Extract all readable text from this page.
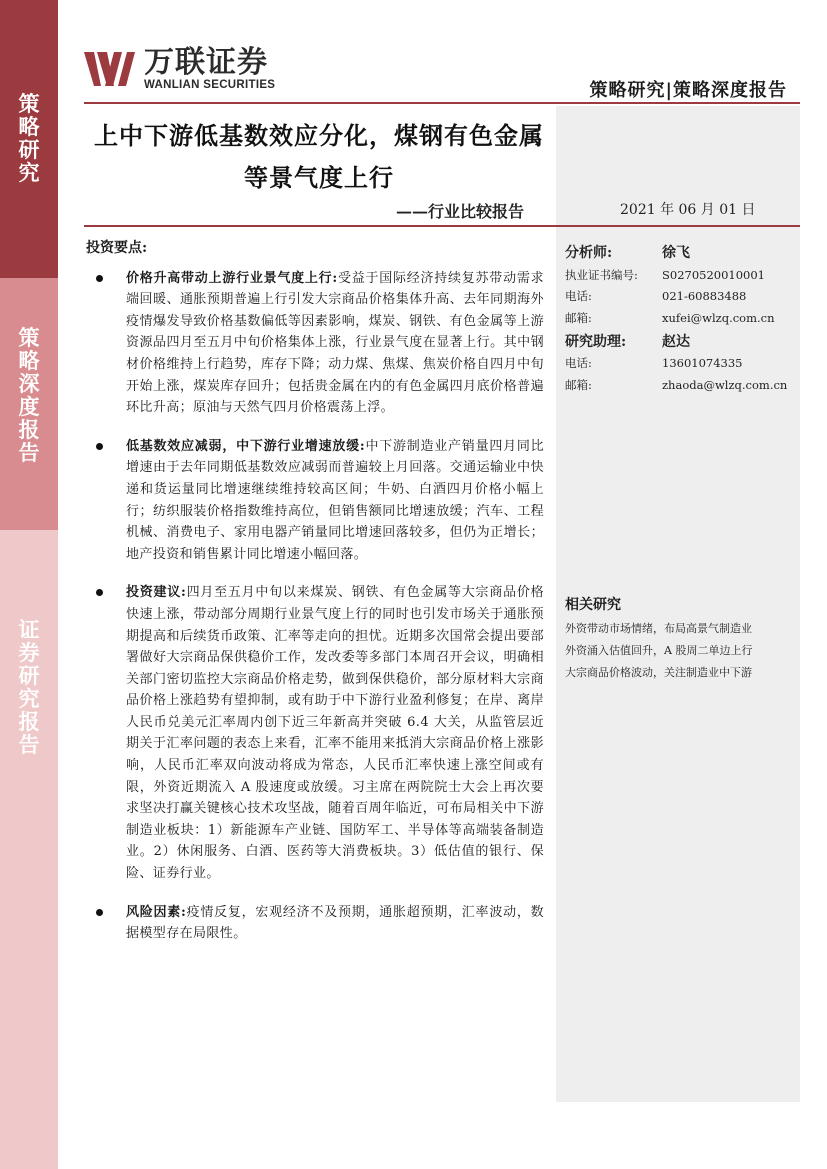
策略研究
策略深度报告
证券研究报告
万联证券
WANLIAN SECURITIES	策略研究|策略深度报告
上中下游低基数效应分化，煤钢有色金属
等景气度上行
——行业比较报告	2021 年 06 月 01 日
投资要点:
价格升高带动上游行业景气度上行:受益于国际经济持续复苏带动需求端回暖、通胀预期普遍上行引发大宗商品价格集体升高、去年同期海外疫情爆发导致价格基数偏低等因素影响，煤炭、钢铁、有色金属等上游资源品四月至五月中旬价格集体上涨，行业景气度在显著上行。其中钢材价格维持上行趋势，库存下降；动力煤、焦煤、焦炭价格自四月中旬开始上涨，煤炭库存回升；包括贵金属在内的有色金属四月底价格普遍环比升高；原油与天然气四月价格震荡上浮。
低基数效应减弱，中下游行业增速放缓:中下游制造业产销量四月同比增速由于去年同期低基数效应减弱而普遍较上月回落。交通运输业中快递和货运量同比增速继续维持较高区间；牛奶、白酒四月价格小幅上行；纺织服装价格指数维持高位，但销售额同比增速放缓；汽车、工程机械、消费电子、家用电器产销量同比增速回落较多，但仍为正增长；地产投资和销售累计同比增速小幅回落。
投资建议:四月至五月中旬以来煤炭、钢铁、有色金属等大宗商品价格快速上涨，带动部分周期行业景气度上行的同时也引发市场关于通胀预期提高和后续货币政策、汇率等走向的担忧。近期多次国常会提出要部署做好大宗商品保供稳价工作，发改委等多部门本周召开会议，明确相关部门密切监控大宗商品价格走势，做到保供稳价，部分原材料大宗商品价格上涨趋势有望抑制，或有助于中下游行业盈利修复；在岸、离岸人民币兑美元汇率周内创下近三年新高并突破 6.4 大关，从监管层近期关于汇率问题的表态上来看，汇率不能用来抵消大宗商品价格上涨影响，人民币汇率双向波动将成为常态，人民币汇率快速上涨空间或有限，外资近期流入 A 股速度或放缓。习主席在两院院士大会上再次要求坚决打赢关键核心技术攻坚战，随着百周年临近，可布局相关中下游制造业板块：1）新能源车产业链、国防军工、半导体等高端装备制造业。2）休闲服务、白酒、医药等大消费板块。3）低估值的银行、保险、证券行业。
风险因素:疫情反复，宏观经济不及预期，通胀超预期，汇率波动，数据模型存在局限性。
分析师:	徐飞
执业证书编号:	S0270520010001
电话:	021-60883488
邮箱:	xufei@wlzq.com.cn
研究助理:	赵达
电话:	13601074335
邮箱:	zhaoda@wlzq.com.cn
相关研究
外资带动市场情绪，布局高景气制造业
外资涌入估值回升，A 股周二单边上行
大宗商品价格波动，关注制造业中下游
